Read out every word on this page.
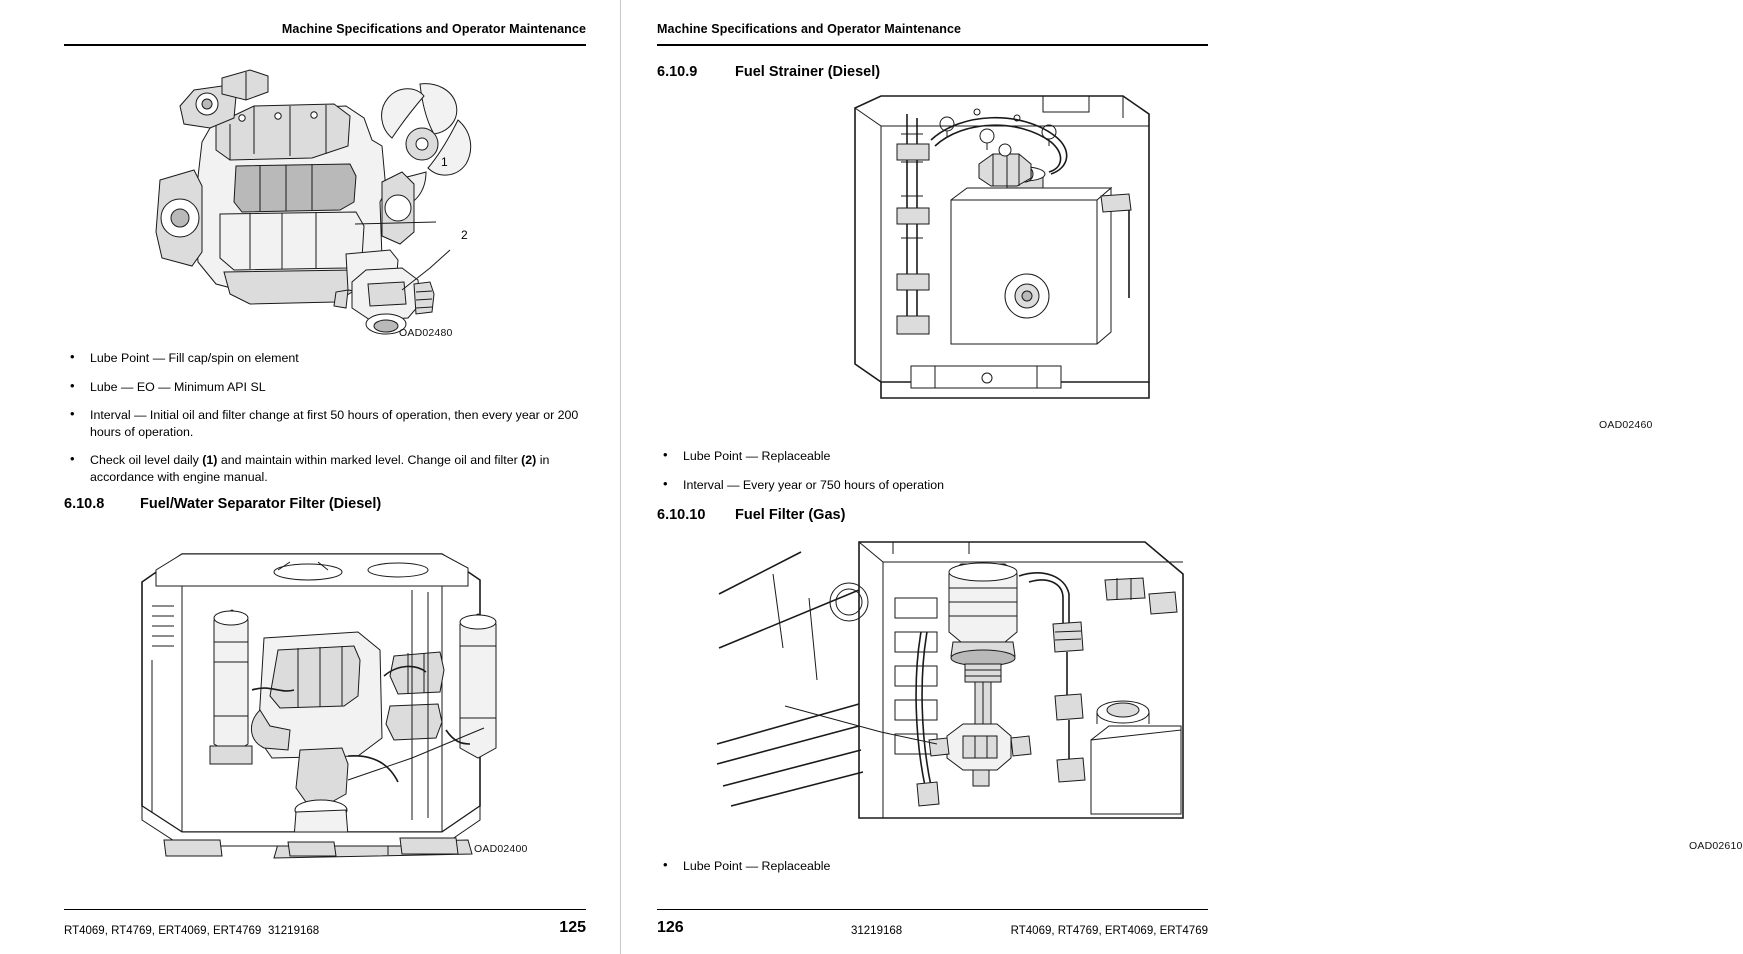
Machine Specifications and Operator Maintenance
1
2
OAD02480
• Lube Point — Fill cap/spin on element
• Lube — EO — Minimum API SL
• Interval — Initial oil and filter change at first 50 hours of operation, then every year or 200 hours of operation.
• Check oil level daily (1) and maintain within marked level. Change oil and filter (2) in accordance with engine manual.
6.10.8 Fuel/Water Separator Filter (Diesel)
OAD02400
RT4069, RT4769, ERT4069, ERT4769 31219168	125
Machine Specifications and Operator Maintenance
6.10.9	Fuel Strainer (Diesel)
OAD02460
• Lube Point — Replaceable
• Interval — Every year or 750 hours of operation
6.10.10 Fuel Filter (Gas)
OAD02610
• Lube Point — Replaceable
126	31219168	RT4069, RT4769, ERT4069, ERT4769
